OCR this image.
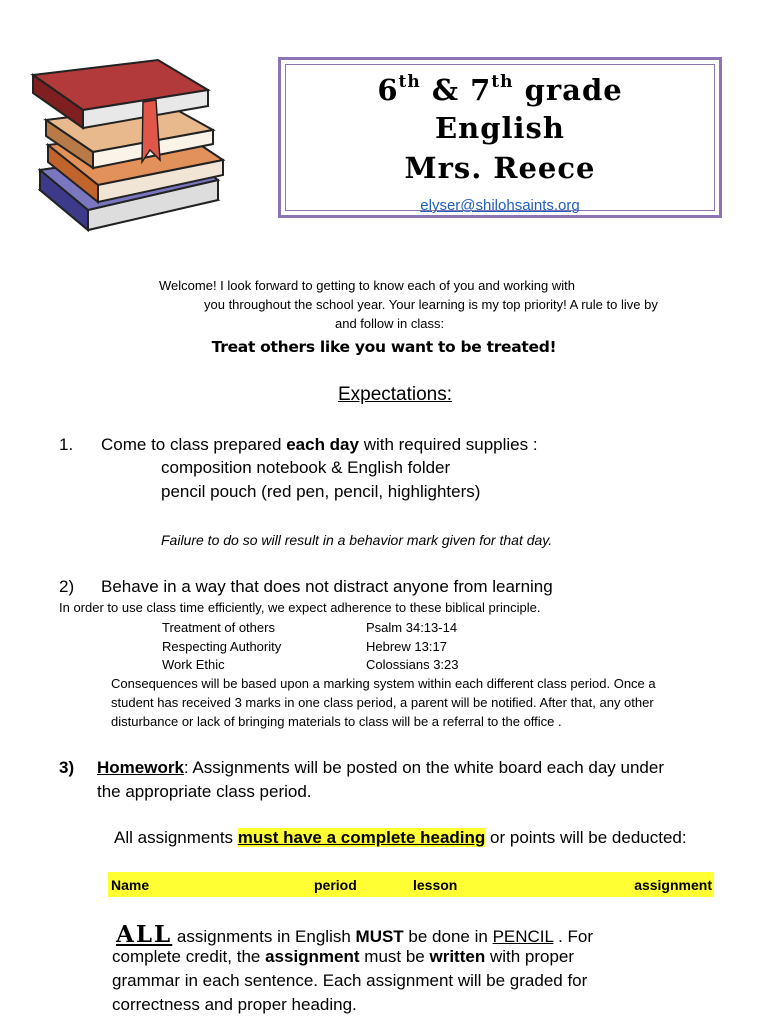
6th & 7th grade
English
Mrs. Reece
elyser@shilohsaints.org
Welcome! I look forward to getting to know each of you and working with
you throughout the school year. Your learning is my top priority! A rule to live by
and follow in class:
Treat others like you want to be treated!
Expectations:
1. Come to class prepared each day with required supplies :
composition notebook & English folder
pencil pouch (red pen, pencil, highlighters)
Failure to do so will result in a behavior mark given for that day.
2) Behave in a way that does not distract anyone from learning
In order to use class time efficiently, we expect adherence to these biblical principle.
Treatment of others	Psalm 34:13-14
Respecting Authority	Hebrew 13:17
Work Ethic	Colossians 3:23
Consequences will be based upon a marking system within each different class period. Once a
student has received 3 marks in one class period, a parent will be notified. After that, any other
disturbance or lack of bringing materials to class will be a referral to the office .
3) Homework: Assignments will be posted on the white board each day under
the appropriate class period.
All assignments must have a complete heading or points will be deducted:
Name	period	lesson	assignment
ALL assignments in English MUST be done in PENCIL . For
complete credit, the assignment must be written with proper
grammar in each sentence. Each assignment will be graded for
correctness and proper heading.
